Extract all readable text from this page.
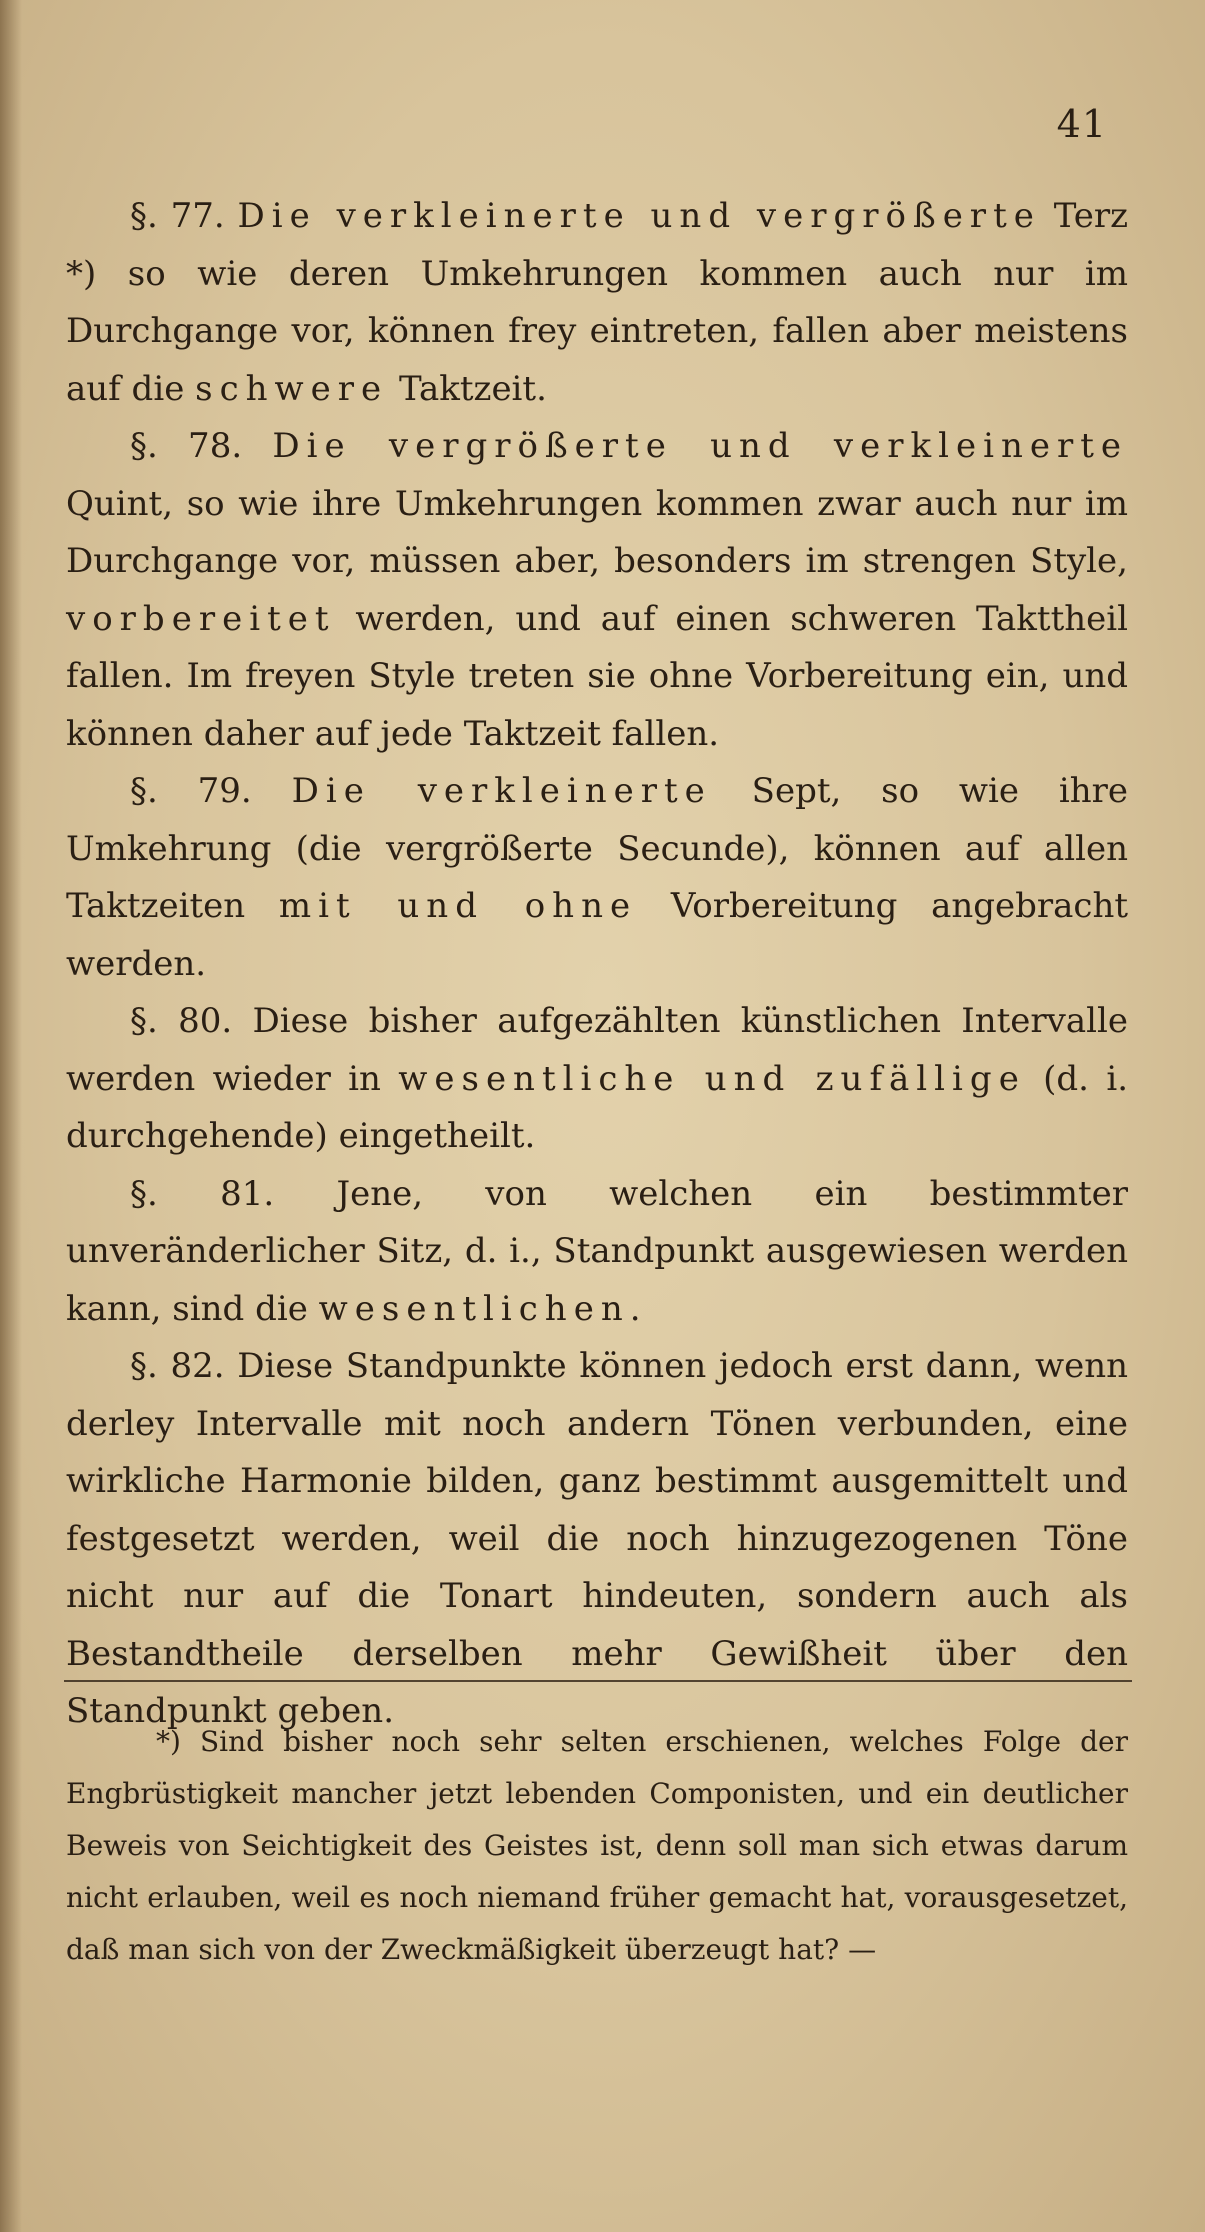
41

§. 77. Die verkleinerte und vergrößerte Terz *) so wie deren Umkehrungen kommen auch nur im Durchgange vor, können frey eintreten, fallen aber meistens auf die schwere Taktzeit.

§. 78. Die vergrößerte und verkleinerte Quint, so wie ihre Umkehrungen kommen zwar auch nur im Durchgange vor, müssen aber, besonders im strengen Style, vorbereitet werden, und auf einen schweren Takttheil fallen. Im freyen Style treten sie ohne Vorbereitung ein, und können daher auf jede Taktzeit fallen.

§. 79. Die verkleinerte Sept, so wie ihre Umkehrung (die vergrößerte Secunde), können auf allen Taktzeiten mit und ohne Vorbereitung angebracht werden.

§. 80. Diese bisher aufgezählten künstlichen Intervalle werden wieder in wesentliche und zufällige (d. i. durchgehende) eingetheilt.

§. 81. Jene, von welchen ein bestimmter unveränderlicher Sitz, d. i., Standpunkt ausgewiesen werden kann, sind die wesentlichen.

§. 82. Diese Standpunkte können jedoch erst dann, wenn derley Intervalle mit noch andern Tönen verbunden, eine wirkliche Harmonie bilden, ganz bestimmt ausgemittelt und festgesetzt werden, weil die noch hinzugezogenen Töne nicht nur auf die Tonart hindeuten, sondern auch als Bestandtheile derselben mehr Gewißheit über den Standpunkt geben.

*) Sind bisher noch sehr selten erschienen, welches Folge der Engbrüstigkeit mancher jetzt lebenden Componisten, und ein deutlicher Beweis von Seichtigkeit des Geistes ist, denn soll man sich etwas darum nicht erlauben, weil es noch niemand früher gemacht hat, vorausgesetzet, daß man sich von der Zweckmäßigkeit überzeugt hat? —
